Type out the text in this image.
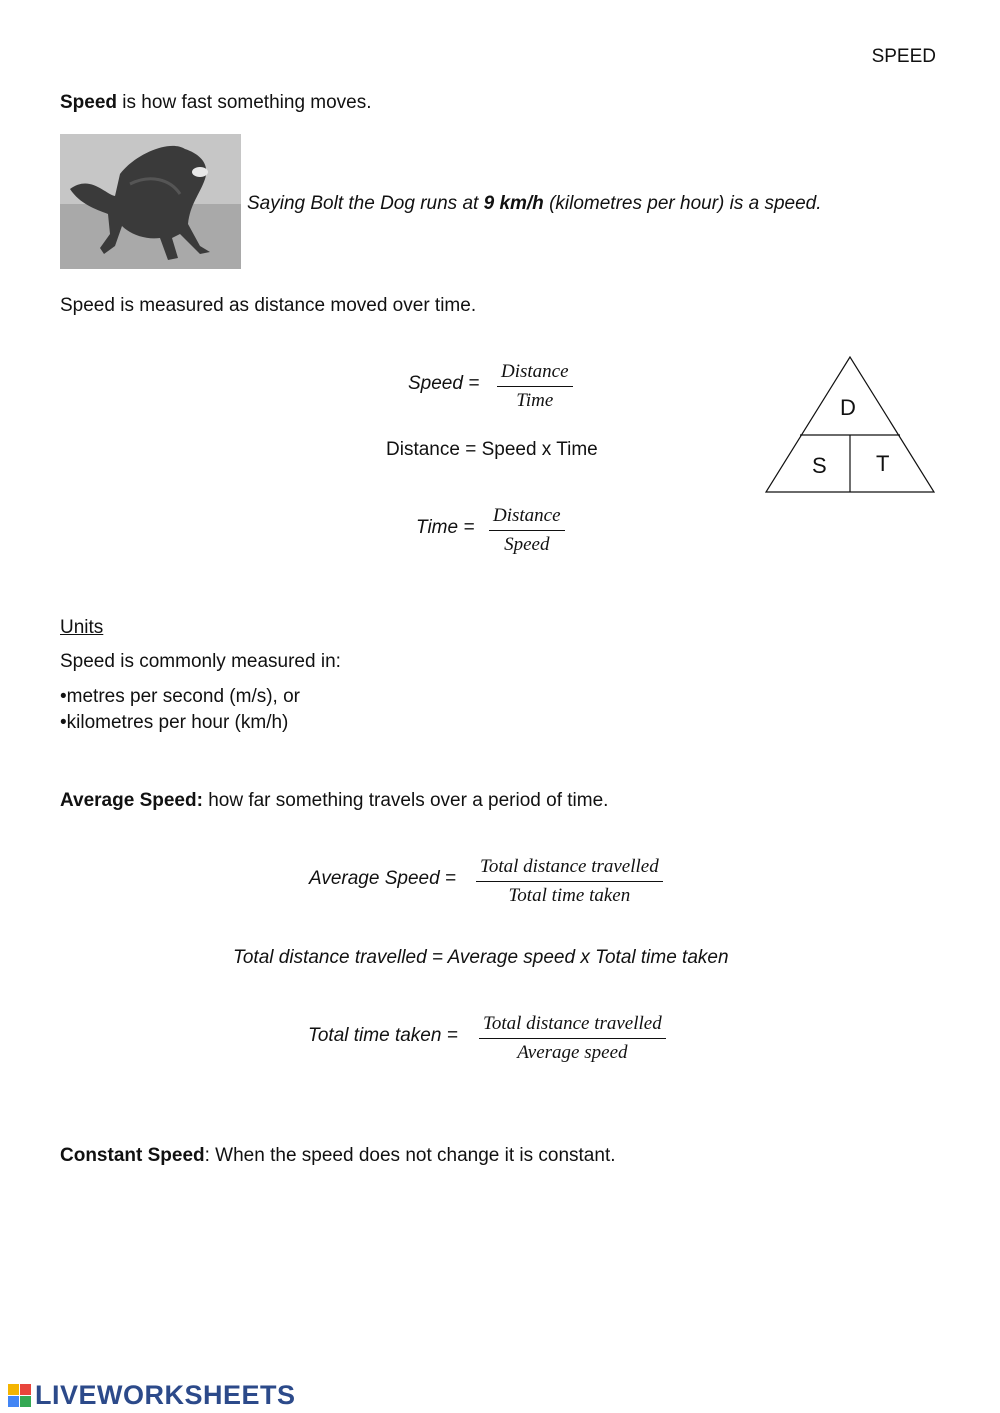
SPEED
Speed is how fast something moves.
Saying Bolt the Dog runs at 9 km/h (kilometres per hour) is a speed.
Speed is measured as distance moved over time.
Speed =
Distance
Time
Distance = Speed x Time
Time =
Distance
Speed
D
S T
Units
Speed is commonly measured in:
•metres per second (m/s), or
•kilometres per hour (km/h)
Average Speed: how far something travels over a period of time.
Average Speed =
Total distance travelled
Total time taken
Total distance travelled = Average speed x Total time taken
Total time taken =
Total distance travelled
Average speed
Constant Speed: When the speed does not change it is constant.
LIVEWORKSHEETS
